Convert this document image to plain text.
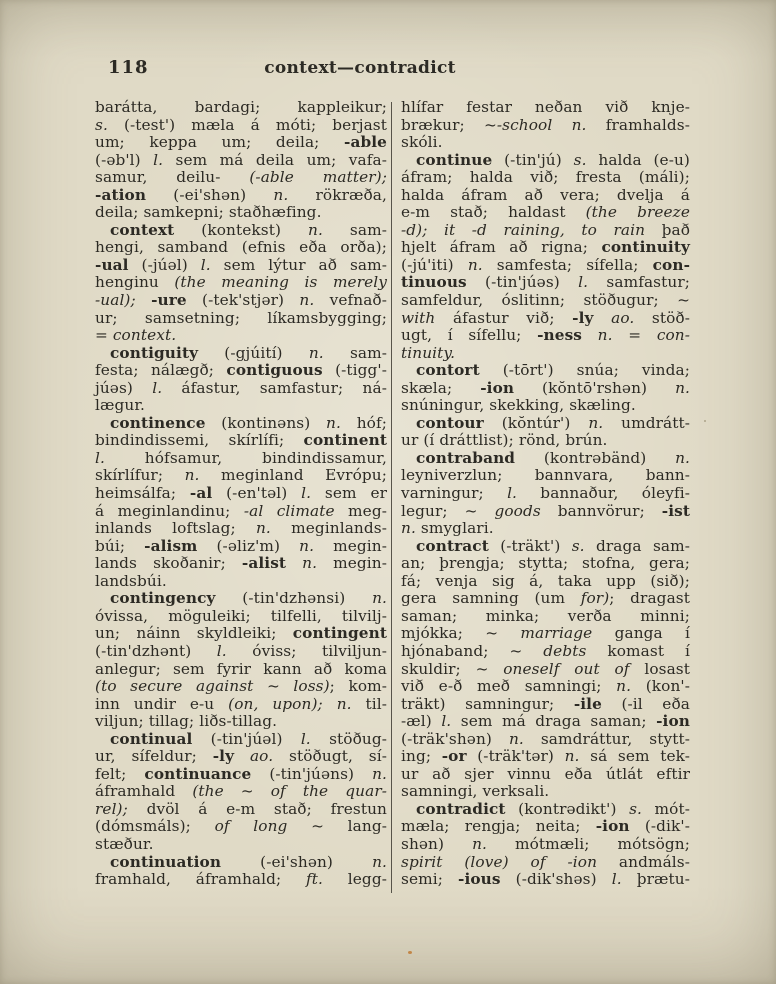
118	context—contradict
barátta, bardagi; kappleikur;
s. (-test') mæla á móti; berjast
um; keppa um; deila; -able
(-əb'l) l. sem má deila um; vafa-
samur, deilu- (-able matter);
-ation (-ei'shən) n. rökræða,
deila; samkepni; staðhæfing.
context (kontekst) n. sam-
hengi, samband (efnis eða orða);
-ual (-júəl) l. sem lýtur að sam-
henginu (the meaning is merely
-ual); -ure (-tek'stjər) n. vefnað-
ur; samsetning; líkamsbygging;
= context.
contiguity (-gjúití) n. sam-
festa; nálægð; contiguous (-tigg'-
júəs) l. áfastur, samfastur; ná-
lægur.
continence (kontinəns) n. hóf;
bindindissemi, skírlífi; continent
l. hófsamur, bindindissamur,
skírlífur; n. meginland Evrópu;
heimsálfa; -al (-en'təl) l. sem er
á meginlandinu; -al climate meg-
inlands loftslag; n. meginlands-
búi; -alism (-əliz'm) n. megin-
lands skoðanir; -alist n. megin-
landsbúi.
contingency (-tin'dzhənsi) n.
óvissa, möguleiki; tilfelli, tilvilj-
un; náinn skyldleiki; contingent
(-tin'dzhənt) l. óviss; tilviljun-
anlegur; sem fyrir kann að koma
(to secure against ~ loss); kom-
inn undir e-u (on, upon); n. til-
viljun; tillag; liðs-tillag.
continual (-tin'júəl) l. stöðug-
ur, sífeldur; -ly ao. stöðugt, sí-
felt; continuance (-tin'júəns) n.
áframhald (the ~ of the quar-
rel); dvöl á e-m stað; frestun
(dómsmáls); of long ~ lang-
stæður.
continuation (-ei'shən) n.
framhald, áframhald; ft. legg-
hlífar festar neðan við knje-
brækur; ~-school n. framhalds-
skóli.
continue (-tin'jú) s. halda (e-u)
áfram; halda við; fresta (máli);
halda áfram að vera; dvelja á
e-m stað; haldast (the breeze
-d); it -d raining, to rain það
hjelt áfram að rigna; continuity
(-jú'iti) n. samfesta; sífella; con-
tinuous (-tin'júəs) l. samfastur;
samfeldur, óslitinn; stöðugur; ~
with áfastur við; -ly ao. stöð-
ugt, í sífellu; -ness n. = con-
tinuity.
contort (-tōrt') snúa; vinda;
skæla; -ion (kŏntō'rshən) n.
snúningur, skekking, skæling.
contour (kŏntúr') n. umdrátt-
ur (í dráttlist); rönd, brún.
contraband (kontrəbänd) n.
leyniverzlun; bannvara, bann-
varningur; l. bannaður, óleyfi-
legur; ~ goods bannvörur; -ist
n. smyglari.
contract (-träkt') s. draga sam-
an; þrengja; stytta; stofna, gera;
fá; venja sig á, taka upp (sið);
gera samning (um for); dragast
saman; minka; verða minni;
mjókka; ~ marriage ganga í
hjónaband; ~ debts komast í
skuldir; ~ oneself out of losast
við e-ð með samningi; n. (kon'-
träkt) samningur; -ile (-il eða
-æl) l. sem má draga saman; -ion
(-träk'shən) n. samdráttur, stytt-
ing; -or (-träk'tər) n. sá sem tek-
ur að sjer vinnu eða útlát eftir
samningi, verksali.
contradict (kontrədikt') s. mót-
mæla; rengja; neita; -ion (-dik'-
shən) n. mótmæli; mótsögn;
spirit (love) of -ion andmáls-
semi; -ious (-dik'shəs) l. þrætu-
